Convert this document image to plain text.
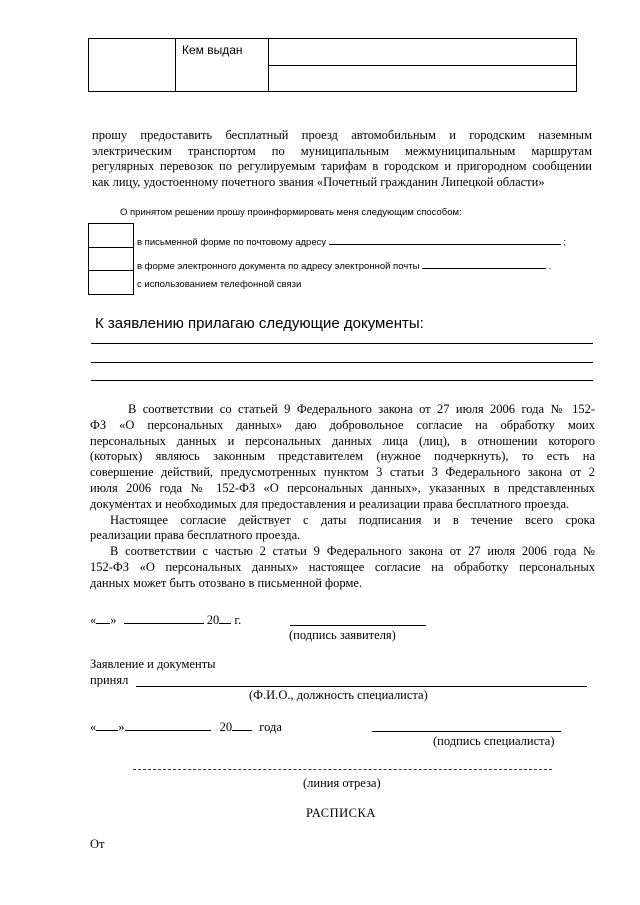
	Кем выдан	

прошу предоставить бесплатный проезд автомобильным и городским наземным
электрическим транспортом по муниципальным межмуниципальным маршрутам
регулярных перевозок по регулируемым тарифам в городском и пригородном сообщении
как лицу, удостоенному почетного звания «Почетный гражданин Липецкой области»
О принятом решении прошу проинформировать меня следующим способом:
в письменной форме по почтовому адресу	;
в форме электронного документа по адресу электронной почты	.
с использованием телефонной связи
К заявлению прилагаю следующие документы:
В соответствии со статьей 9 Федерального закона от 27 июля 2006 года № 152-
ФЗ «О персональных данных» даю добровольное согласие на обработку моих
персональных данных и персональных данных лица (лиц), в отношении которого
(которых) являюсь законным представителем (нужное подчеркнуть), то есть на
совершение действий, предусмотренных пунктом 3 статьи 3 Федерального закона от 2
июля 2006 года № 152-ФЗ «О персональных данных», указанных в представленных
документах и необходимых для предоставления и реализации права бесплатного проезда.
Настоящее согласие действует с даты подписания и в течение всего срока
реализации права бесплатного проезда.
В соответствии с частью 2 статьи 9 Федерального закона от 27 июля 2006 года №
152-ФЗ «О персональных данных» настоящее согласие на обработку персональных
данных может быть отозвано в письменной форме.
« »	20 г.
(подпись заявителя)
Заявление и документы
принял
(Ф.И.О., должность специалиста)
« »	20 года
(подпись специалиста)
(линия отреза)
РАСПИСКА
От
